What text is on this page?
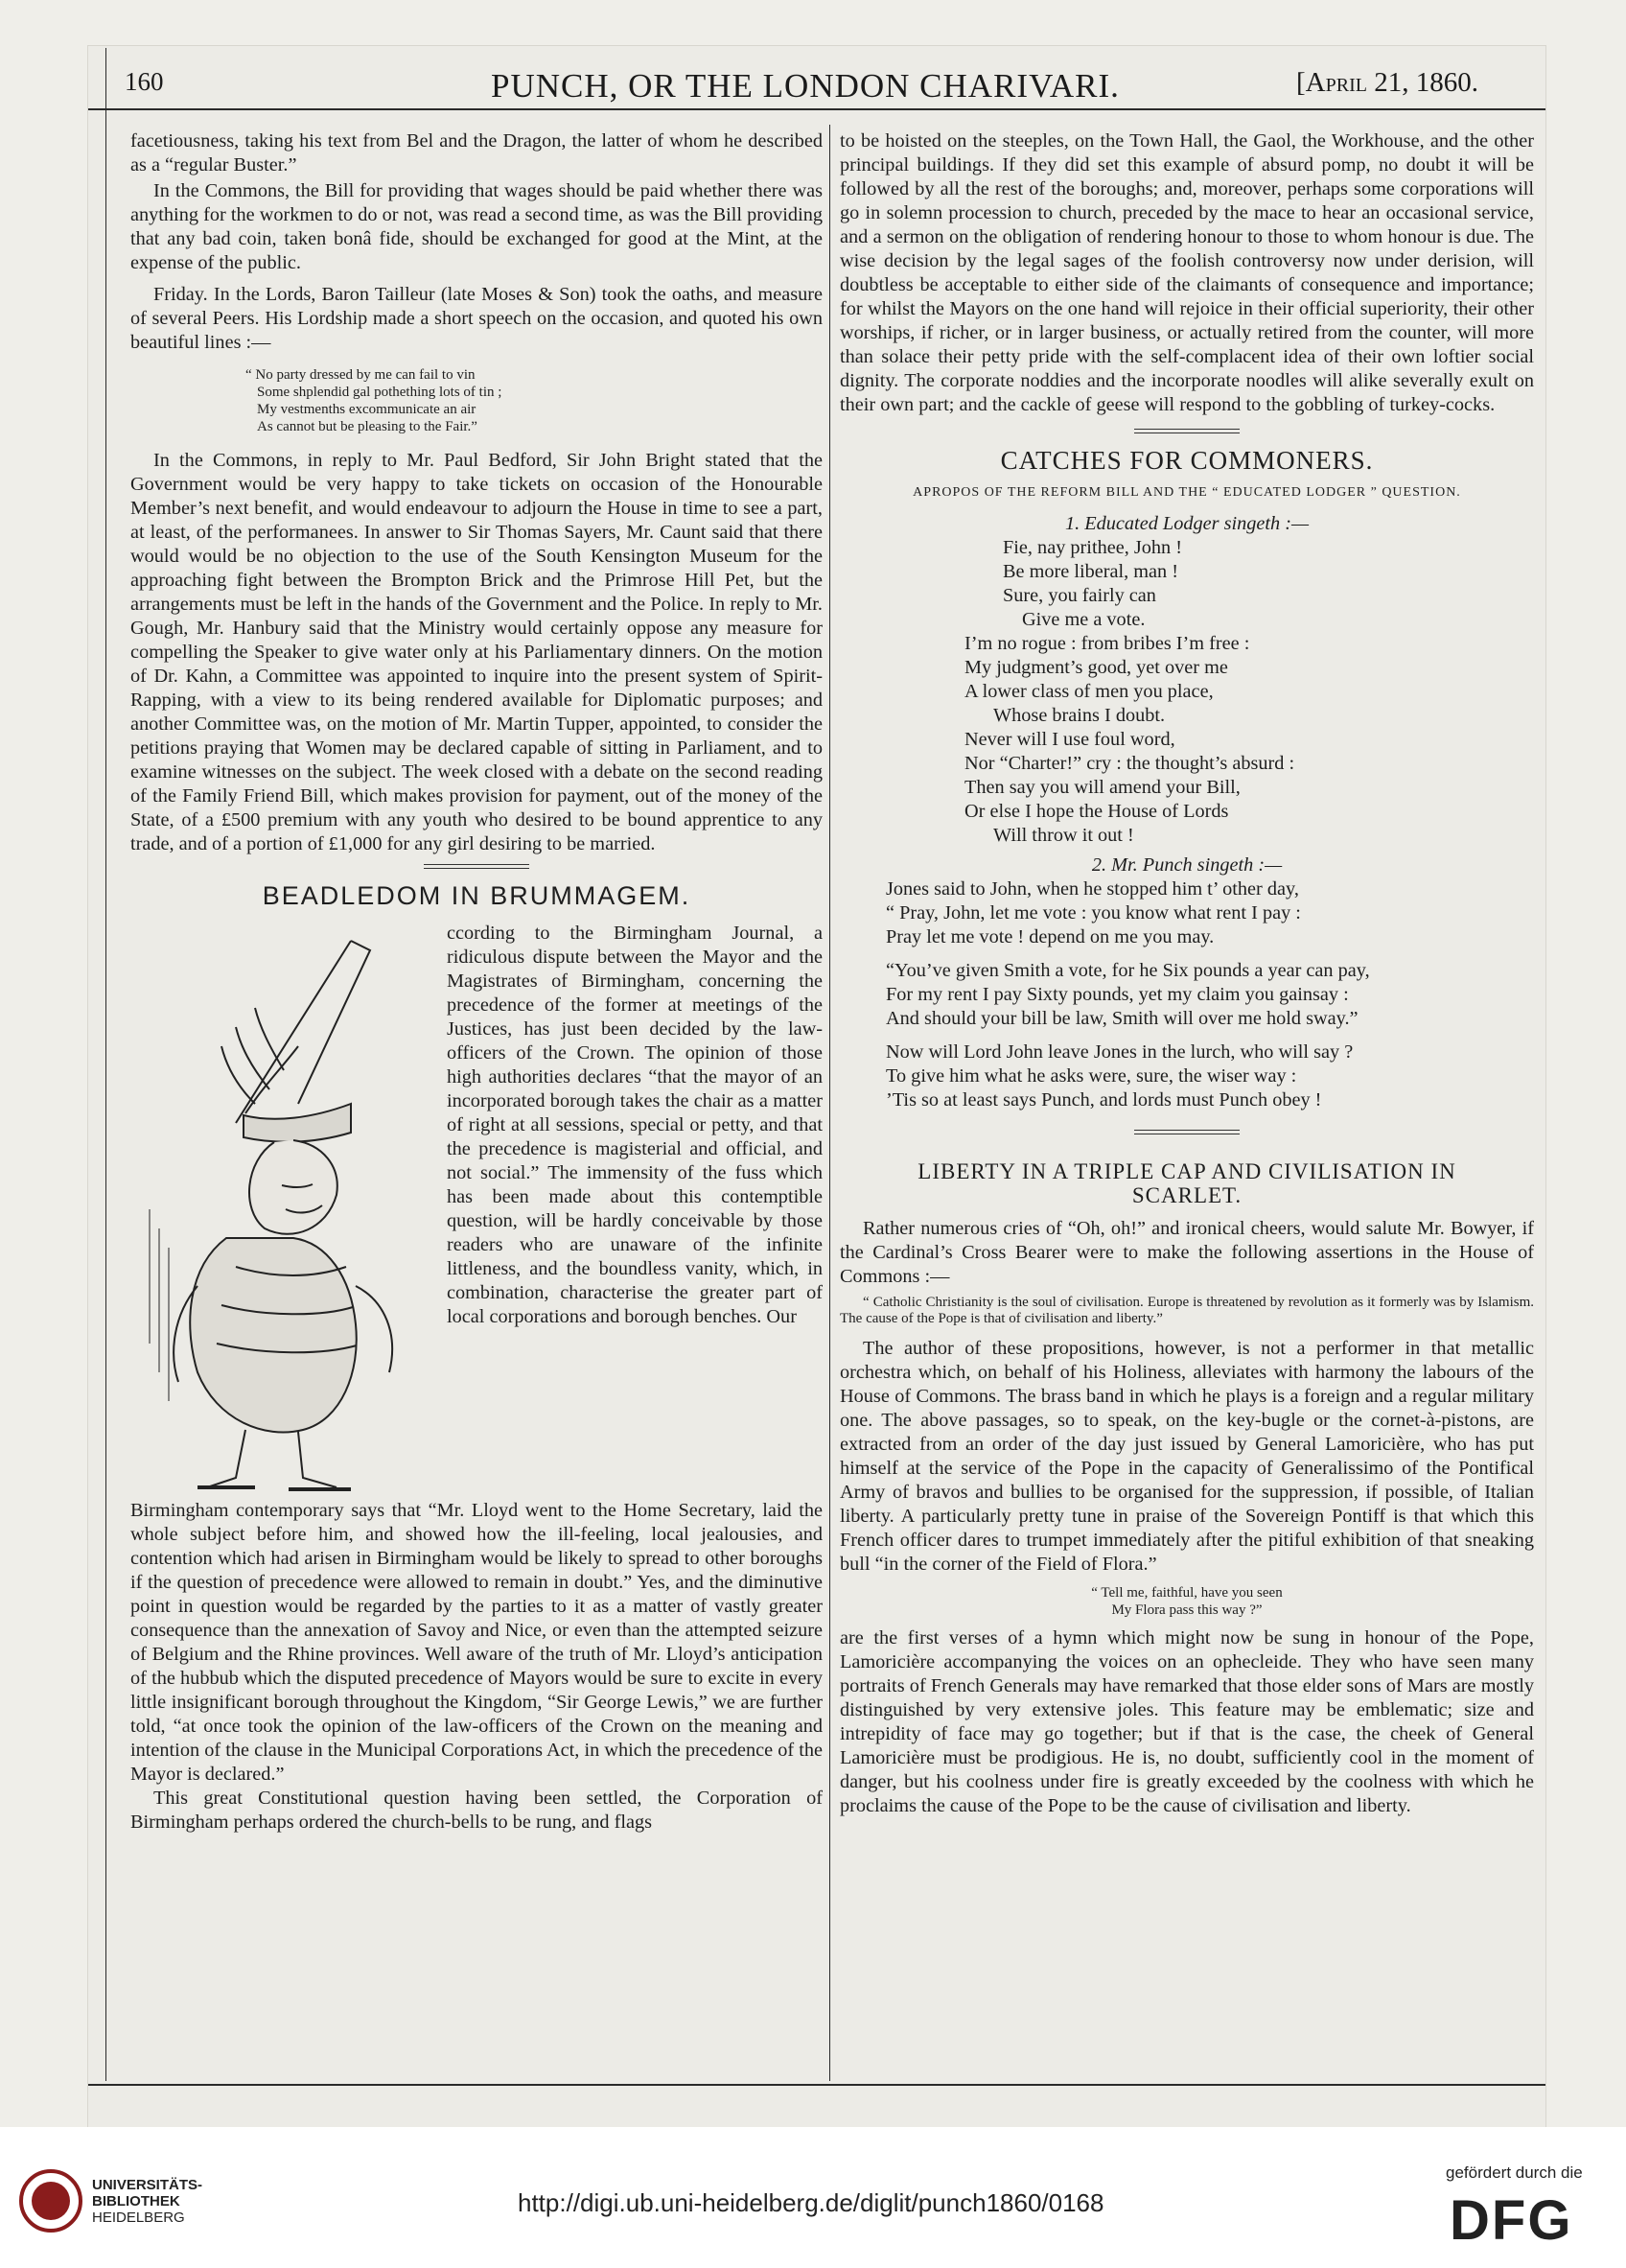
160	PUNCH, OR THE LONDON CHARIVARI.	[April 21, 1860.

facetiousness, taking his text from Bel and the Dragon, the latter of whom he described as a “regular Buster.”

In the Commons, the Bill for providing that wages should be paid whether there was anything for the workmen to do or not, was read a second time, as was the Bill providing that any bad coin, taken bonâ fide, should be exchanged for good at the Mint, at the expense of the public.

Friday. In the Lords, Baron Tailleur (late Moses & Son) took the oaths, and measure of several Peers. His Lordship made a short speech on the occasion, and quoted his own beautiful lines :—

“ No party dressed by me can fail to vin
Some shplendid gal pothething lots of tin ;
My vestmenths excommunicate an air
As cannot but be pleasing to the Fair.”

In the Commons, in reply to Mr. Paul Bedford, Sir John Bright stated that the Government would be very happy to take tickets on occasion of the Honourable Member’s next benefit, and would endeavour to adjourn the House in time to see a part, at least, of the performanees. In answer to Sir Thomas Sayers, Mr. Caunt said that there would would be no objection to the use of the South Kensington Museum for the approaching fight between the Brompton Brick and the Primrose Hill Pet, but the arrangements must be left in the hands of the Government and the Police. In reply to Mr. Gough, Mr. Hanbury said that the Ministry would certainly oppose any measure for compelling the Speaker to give water only at his Parliamentary dinners. On the motion of Dr. Kahn, a Committee was appointed to inquire into the present system of Spirit-Rapping, with a view to its being rendered available for Diplomatic purposes; and another Committee was, on the motion of Mr. Martin Tupper, appointed, to consider the petitions praying that Women may be declared capable of sitting in Parliament, and to examine witnesses on the subject. The week closed with a debate on the second reading of the Family Friend Bill, which makes provision for payment, out of the money of the State, of a £500 premium with any youth who desired to be bound apprentice to any trade, and of a portion of £1,000 for any girl desiring to be married.

BEADLEDOM IN BRUMMAGEM.

ccording to the Birmingham Journal, a ridiculous dispute between the Mayor and the Magistrates of Birmingham, concerning the precedence of the former at meetings of the Justices, has just been decided by the law-officers of the Crown. The opinion of those high authorities declares “that the mayor of an incorporated borough takes the chair as a matter of right at all sessions, special or petty, and that the precedence is magisterial and official, and not social.” The immensity of the fuss which has been made about this contemptible question, will be hardly conceivable by those readers who are unaware of the infinite littleness, and the boundless vanity, which, in combination, characterise the greater part of local corporations and borough benches. Our

Birmingham contemporary says that “Mr. Lloyd went to the Home Secretary, laid the whole subject before him, and showed how the ill-feeling, local jealousies, and contention which had arisen in Birmingham would be likely to spread to other boroughs if the question of precedence were allowed to remain in doubt.” Yes, and the diminutive point in question would be regarded by the parties to it as a matter of vastly greater consequence than the annexation of Savoy and Nice, or even than the attempted seizure of Belgium and the Rhine provinces. Well aware of the truth of Mr. Lloyd’s anticipation of the hubbub which the disputed precedence of Mayors would be sure to excite in every little insignificant borough throughout the Kingdom, “Sir George Lewis,” we are further told, “at once took the opinion of the law-officers of the Crown on the meaning and intention of the clause in the Municipal Corporations Act, in which the precedence of the Mayor is declared.”

This great Constitutional question having been settled, the Corporation of Birmingham perhaps ordered the church-bells to be rung, and flags

to be hoisted on the steeples, on the Town Hall, the Gaol, the Workhouse, and the other principal buildings. If they did set this example of absurd pomp, no doubt it will be followed by all the rest of the boroughs; and, moreover, perhaps some corporations will go in solemn procession to church, preceded by the mace to hear an occasional service, and a sermon on the obligation of rendering honour to those to whom honour is due. The wise decision by the legal sages of the foolish controversy now under derision, will doubtless be acceptable to either side of the claimants of consequence and importance; for whilst the Mayors on the one hand will rejoice in their official superiority, their other worships, if richer, or in larger business, or actually retired from the counter, will more than solace their petty pride with the self-complacent idea of their own loftier social dignity. The corporate noddies and the incorporate noodles will alike severally exult on their own part; and the cackle of geese will respond to the gobbling of turkey-cocks.

CATCHES FOR COMMONERS.
APROPOS OF THE REFORM BILL AND THE “ EDUCATED LODGER ” QUESTION.
1. Educated Lodger singeth :—
Fie, nay prithee, John !
Be more liberal, man !
Sure, you fairly can
Give me a vote.
I’m no rogue : from bribes I’m free :
My judgment’s good, yet over me
A lower class of men you place,
Whose brains I doubt.
Never will I use foul word,
Nor “Charter!” cry : the thought’s absurd :
Then say you will amend your Bill,
Or else I hope the House of Lords
Will throw it out !
2. Mr. Punch singeth :—
Jones said to John, when he stopped him t’ other day,
“ Pray, John, let me vote : you know what rent I pay :
Pray let me vote ! depend on me you may.
“You’ve given Smith a vote, for he Six pounds a year can pay,
For my rent I pay Sixty pounds, yet my claim you gainsay :
And should your bill be law, Smith will over me hold sway.”
Now will Lord John leave Jones in the lurch, who will say ?
To give him what he asks were, sure, the wiser way :
’Tis so at least says Punch, and lords must Punch obey !
LIBERTY IN A TRIPLE CAP AND CIVILISATION IN
SCARLET.

Rather numerous cries of “Oh, oh!” and ironical cheers, would salute Mr. Bowyer, if the Cardinal’s Cross Bearer were to make the following assertions in the House of Commons :—

“ Catholic Christianity is the soul of civilisation. Europe is threatened by revolution as it formerly was by Islamism. The cause of the Pope is that of civilisation and liberty.”

The author of these propositions, however, is not a performer in that metallic orchestra which, on behalf of his Holiness, alleviates with harmony the labours of the House of Commons. The brass band in which he plays is a foreign and a regular military one. The above passages, so to speak, on the key-bugle or the cornet-à-pistons, are extracted from an order of the day just issued by General Lamoricière, who has put himself at the service of the Pope in the capacity of Generalissimo of the Pontifical Army of bravos and bullies to be organised for the suppression, if possible, of Italian liberty. A particularly pretty tune in praise of the Sovereign Pontiff is that which this French officer dares to trumpet immediately after the pitiful exhibition of that sneaking bull “in the corner of the Field of Flora.”

“ Tell me, faithful, have you seen
My Flora pass this way ?”

are the first verses of a hymn which might now be sung in honour of the Pope, Lamoricière accompanying the voices on an ophecleide. They who have seen many portraits of French Generals may have remarked that those elder sons of Mars are mostly distinguished by very extensive joles. This feature may be emblematic; size and intrepidity of face may go together; but if that is the case, the cheek of General Lamoricière must be prodigious. He is, no doubt, sufficiently cool in the moment of danger, but his coolness under fire is greatly exceeded by the coolness with which he proclaims the cause of the Pope to be the cause of civilisation and liberty.

UNIVERSITÄTS-
BIBLIOTHEK
HEIDELBERG
http://digi.ub.uni-heidelberg.de/diglit/punch1860/0168
gefördert durch die
DFG
